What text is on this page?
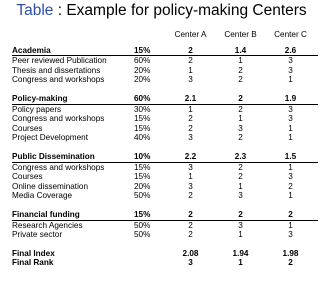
Table : Example for policy-making Centers
		Center A	Center B	Center C

Academia	15%	2	1.4	2.6
Peer reviewed Publication	60%	2	1	3
Thesis and dissertations	20%	1	2	3
Congress and workshops	20%	3	2	1

Policy-making	60%	2.1	2	1.9
Policy papers	30%	1	2	3
Congress and workshops	15%	2	1	3
Courses	15%	2	3	1
Project Development	40%	3	2	1

Public Dissemination	10%	2.2	2.3	1.5
Congress and workshops	15%	3	2	1
Courses	15%	1	2	3
Online dissemination	20%	3	1	2
Media Coverage	50%	2	3	1

Financial funding	15%	2	2	2
Research Agencies	50%	2	3	1
Private sector	50%	2	1	3

Final Index		2.08	1.94	1.98
Final Rank		3	1	2
